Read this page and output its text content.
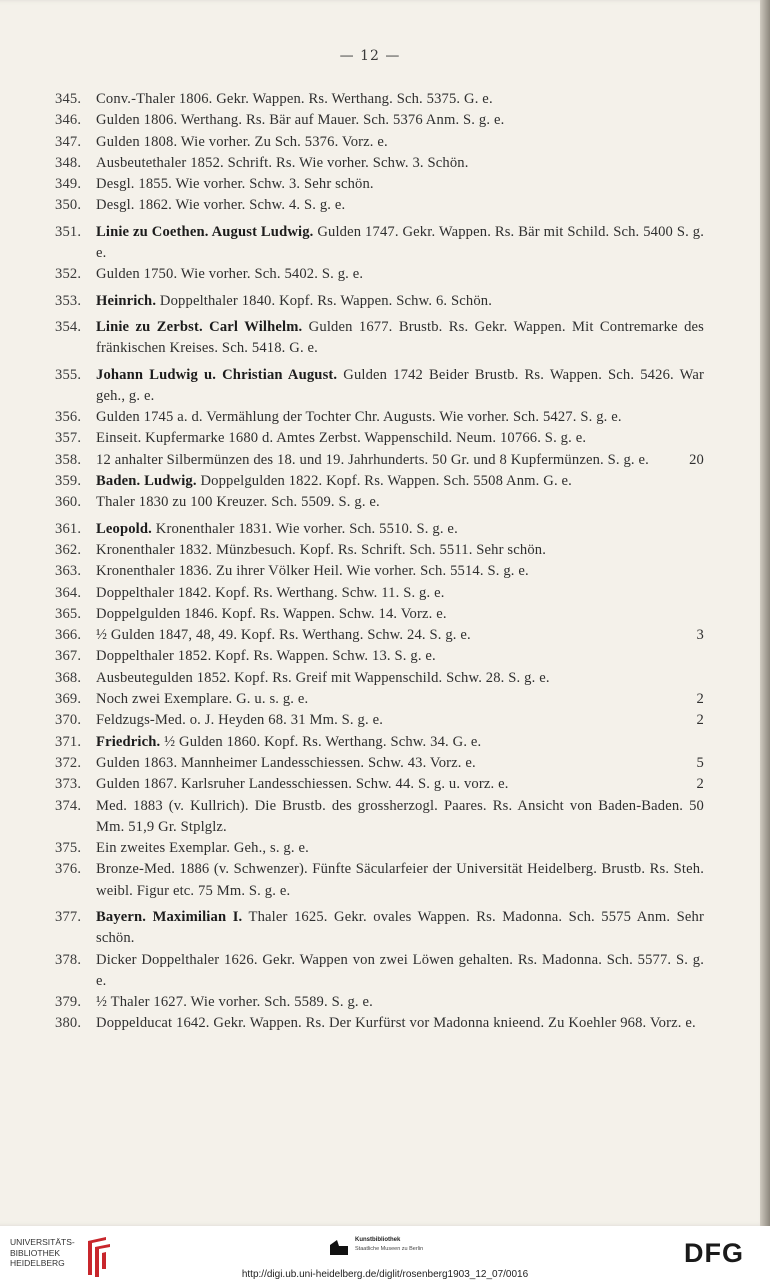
— 12 —
345. Conv.-Thaler 1806. Gekr. Wappen. Rs. Werthang. Sch. 5375. G. e.
346. Gulden 1806. Werthang. Rs. Bär auf Mauer. Sch. 5376 Anm. S. g. e.
347. Gulden 1808. Wie vorher. Zu Sch. 5376. Vorz. e.
348. Ausbeutethaler 1852. Schrift. Rs. Wie vorher. Schw. 3. Schön.
349. Desgl. 1855. Wie vorher. Schw. 3. Sehr schön.
350. Desgl. 1862. Wie vorher. Schw. 4. S. g. e.
351. Linie zu Coethen. August Ludwig. Gulden 1747. Gekr. Wappen. Rs. Bär mit Schild. Sch. 5400 S. g. e.
352. Gulden 1750. Wie vorher. Sch. 5402. S. g. e.
353. Heinrich. Doppelthaler 1840. Kopf. Rs. Wappen. Schw. 6. Schön.
354. Linie zu Zerbst. Carl Wilhelm. Gulden 1677. Brustb. Rs. Gekr. Wappen. Mit Contremarke des fränkischen Kreises. Sch. 5418. G. e.
355. Johann Ludwig u. Christian August. Gulden 1742 Beider Brustb. Rs. Wappen. Sch. 5426. War geh., g. e.
356. Gulden 1745 a. d. Vermählung der Tochter Chr. Augusts. Wie vorher. Sch. 5427. S. g. e.
357. Einseit. Kupfermarke 1680 d. Amtes Zerbst. Wappenschild. Neum. 10766. S. g. e.
358. 12 anhalter Silbermünzen des 18. und 19. Jahrhunderts. 50 Gr. und 8 Kupfermünzen. S. g. e.	20
359. Baden. Ludwig. Doppelgulden 1822. Kopf. Rs. Wappen. Sch. 5508 Anm. G. e.
360. Thaler 1830 zu 100 Kreuzer. Sch. 5509. S. g. e.
361. Leopold. Kronenthaler 1831. Wie vorher. Sch. 5510. S. g. e.
362. Kronenthaler 1832. Münzbesuch. Kopf. Rs. Schrift. Sch. 5511. Sehr schön.
363. Kronenthaler 1836. Zu ihrer Völker Heil. Wie vorher. Sch. 5514. S. g. e.
364. Doppelthaler 1842. Kopf. Rs. Werthang. Schw. 11. S. g. e.
365. Doppelgulden 1846. Kopf. Rs. Wappen. Schw. 14. Vorz. e.
366. ½ Gulden 1847, 48, 49. Kopf. Rs. Werthang. Schw. 24. S. g. e.	3
367. Doppelthaler 1852. Kopf. Rs. Wappen. Schw. 13. S. g. e.
368. Ausbeutegulden 1852. Kopf. Rs. Greif mit Wappenschild. Schw. 28. S. g. e.
369. Noch zwei Exemplare. G. u. s. g. e.	2
370. Feldzugs-Med. o. J. Heyden 68. 31 Mm. S. g. e.	2
371. Friedrich. ½ Gulden 1860. Kopf. Rs. Werthang. Schw. 34. G. e.
372. Gulden 1863. Mannheimer Landesschiessen. Schw. 43. Vorz. e.	5
373. Gulden 1867. Karlsruher Landesschiessen. Schw. 44. S. g. u. vorz. e.	2
374. Med. 1883 (v. Kullrich). Die Brustb. des grossherzogl. Paares. Rs. Ansicht von Baden-Baden. 50 Mm. 51,9 Gr. Stplglz.
375. Ein zweites Exemplar. Geh., s. g. e.
376. Bronze-Med. 1886 (v. Schwenzer). Fünfte Säcularfeier der Universität Heidelberg. Brustb. Rs. Steh. weibl. Figur etc. 75 Mm. S. g. e.
377. Bayern. Maximilian I. Thaler 1625. Gekr. ovales Wappen. Rs. Madonna. Sch. 5575 Anm. Sehr schön.
378. Dicker Doppelthaler 1626. Gekr. Wappen von zwei Löwen gehalten. Rs. Madonna. Sch. 5577. S. g. e.
379. ½ Thaler 1627. Wie vorher. Sch. 5589. S. g. e.
380. Doppelducat 1642. Gekr. Wappen. Rs. Der Kurfürst vor Madonna knieend. Zu Koehler 968. Vorz. e.
UNIVERSITÄTS-
BIBLIOTHEK
HEIDELBERG
Kunstbibliothek
Staatliche Museen zu Berlin	DFG
http://digi.ub.uni-heidelberg.de/diglit/rosenberg1903_12_07/0016
